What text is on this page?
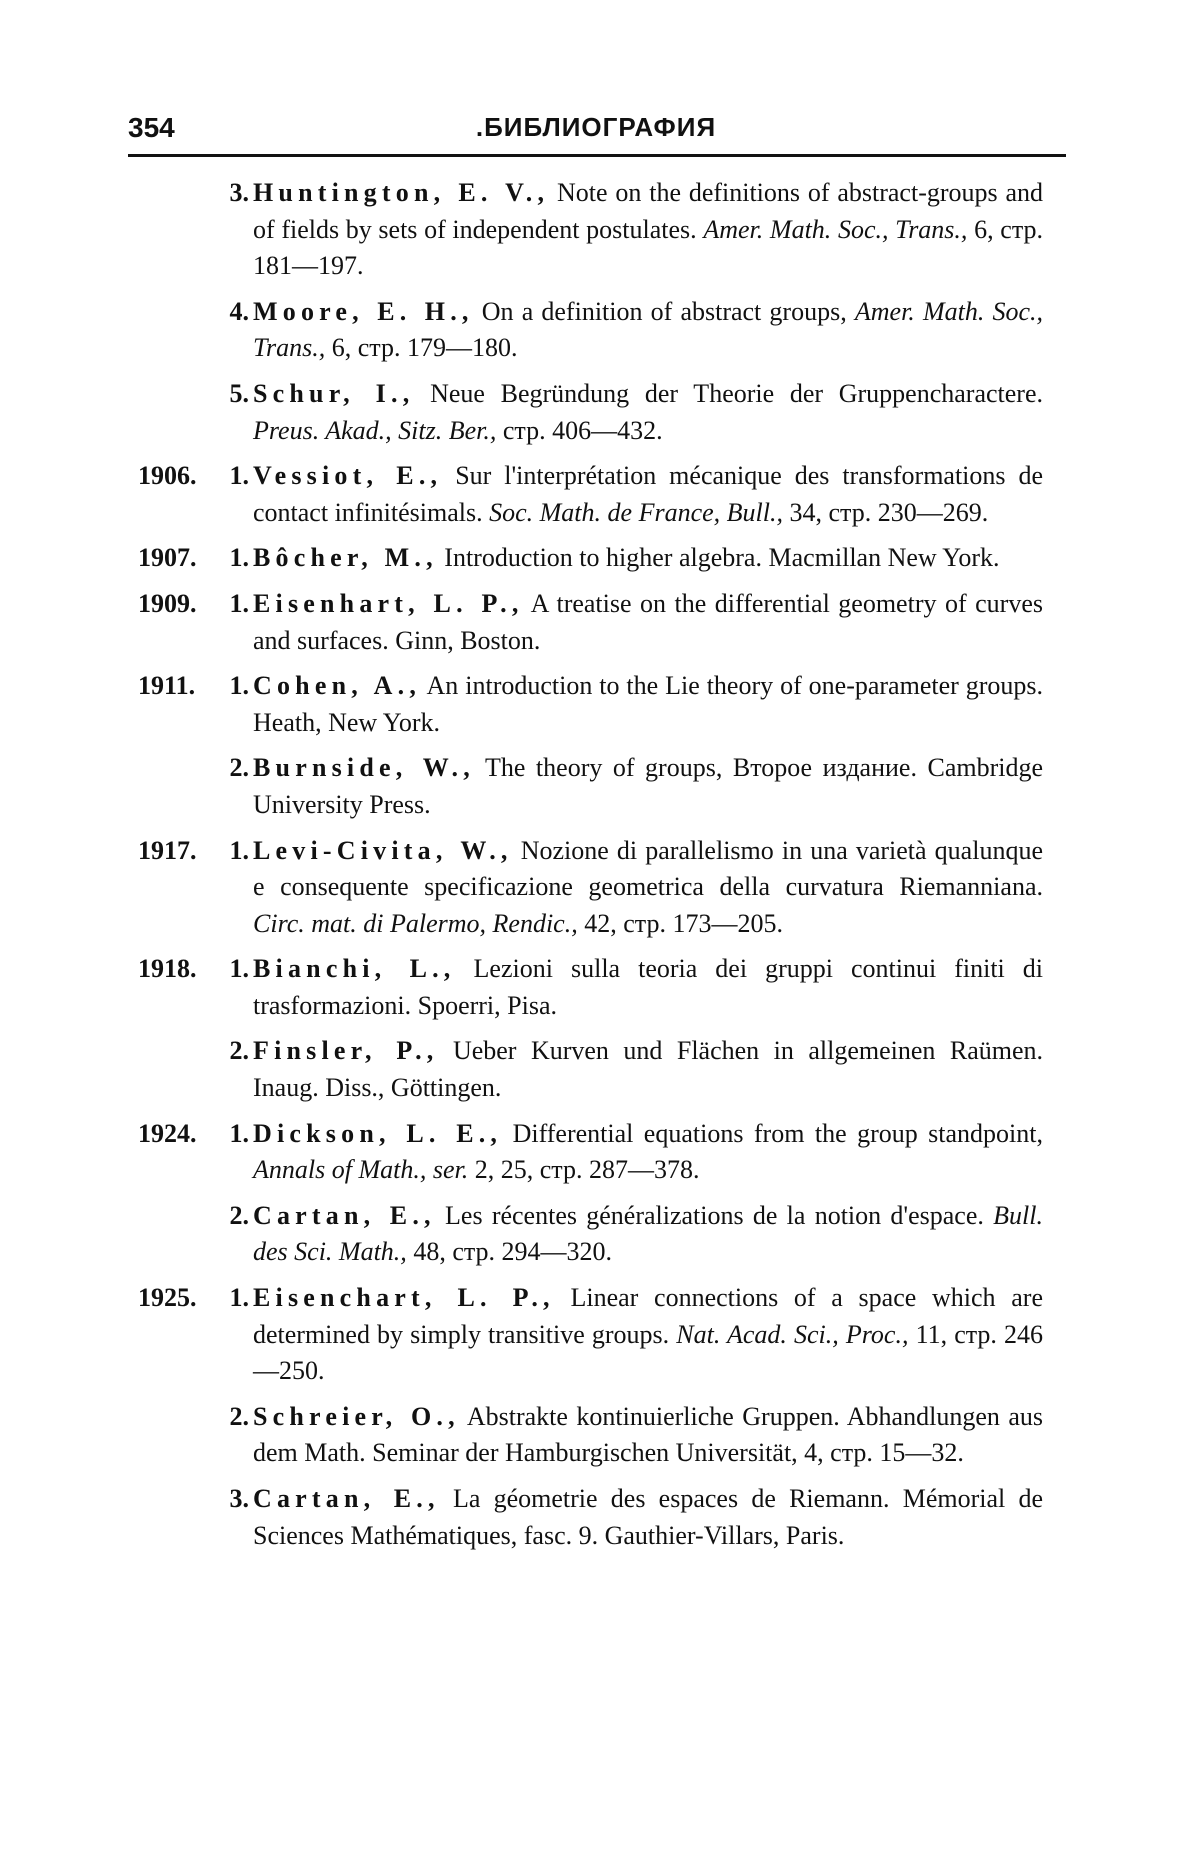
354	.БИБЛИОГРАФИЯ
3. Huntington, E. V., Note on the definitions of abstract-groups and of fields by sets of independent postulates. Amer. Math. Soc., Trans., 6, стр. 181—197.
4. Moore, E. H., On a definition of abstract groups, Amer. Math. Soc., Trans., 6, стр. 179—180.
5. Schur, I., Neue Begründung der Theorie der Gruppencharactere. Preus. Akad., Sitz. Ber., стр. 406—432.
1906.	1. Vessiot, E., Sur l'interprétation mécanique des transformations de contact infinitésimals. Soc. Math. de France, Bull., 34, стр. 230—269.
1907.	1. Bôcher, M., Introduction to higher algebra. Macmillan New York.
1909.	1. Eisenhart, L. P., A treatise on the differential geometry of curves and surfaces. Ginn, Boston.
1911.	1. Cohen, A., An introduction to the Lie theory of one-parameter groups. Heath, New York.
2. Burnside, W., The theory of groups, Второе издание. Cambridge University Press.
1917.	1. Levi-Civita, W., Nozione di parallelismo in una varietà qualunque e consequente specificazione geometrica della curvatura Riemanniana. Circ. mat. di Palermo, Rendic., 42, стр. 173—205.
1918.	1. Bianchi, L., Lezioni sulla teoria dei gruppi continui finiti di trasformazioni. Spoerri, Pisa.
2. Finsler, P., Ueber Kurven und Flächen in allgemeinen Raümen. Inaug. Diss., Göttingen.
1924.	1. Dickson, L. E., Differential equations from the group standpoint, Annals of Math., ser. 2, 25, стр. 287—378.
2. Cartan, E., Les récentes généralizations de la notion d'espace. Bull. des Sci. Math., 48, стр. 294—320.
1925.	1. Eisenchart, L. P., Linear connections of a space which are determined by simply transitive groups. Nat. Acad. Sci., Proc., 11, стр. 246—250.
2. Schreier, O., Abstrakte kontinuierliche Gruppen. Abhandlungen aus dem Math. Seminar der Hamburgischen Universität, 4, стр. 15—32.
3. Cartan, E., La géometrie des espaces de Riemann. Mémorial de Sciences Mathématiques, fasc. 9. Gauthier-Villars, Paris.
